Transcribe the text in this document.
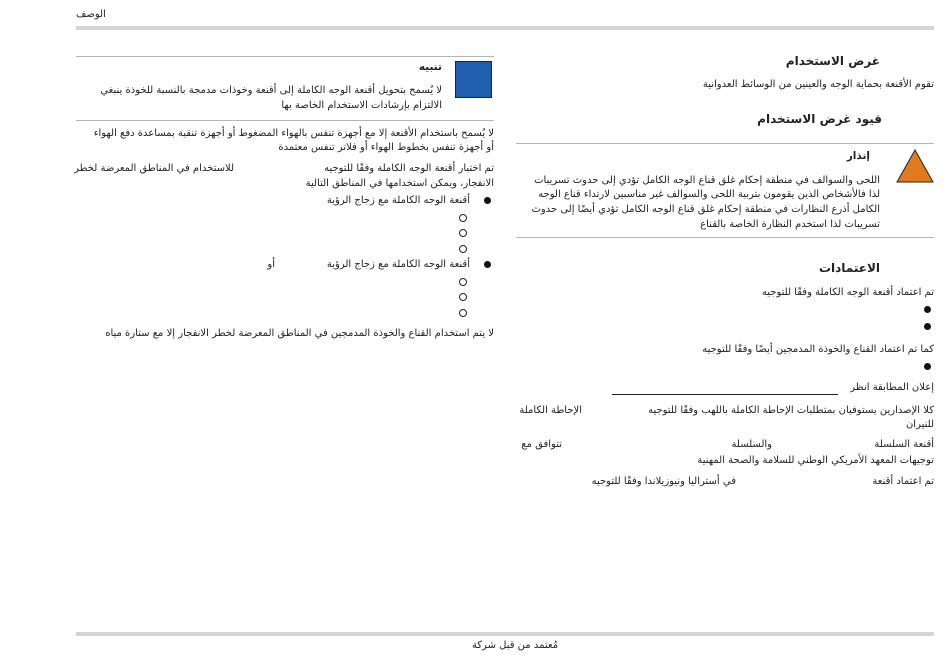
الوصف
غرض الاستخدام
تقوم الأقنعة بحماية الوجه والعينين من الوسائط العدوانية
قيود غرض الاستخدام
إنذار
اللحى والسوالف في منطقة إحكام غلق قناع الوجه الكامل تؤدي إلى حدوث تسريبات
لذا فالأشخاص الذين يقومون بتربية اللحى والسوالف غير مناسبين لارتداء قناع الوجه
الكامل أذرع النظارات في منطقة إحكام غلق قناع الوجه الكامل تؤدي أيضًا إلى حدوث
تسريبات لذا استخدم النظارة الخاصة بالقناع
الاعتمادات
تم اعتماد أقنعة الوجه الكاملة وفقًا للتوجيه
كما تم اعتماد القناع والخوذة المدمجين أيضًا وفقًا للتوجيه
إعلان المطابقة انظر
كلا الإصدارين يستوفيان بمتطلبات الإحاطة الكاملة باللهب وفقًا للتوجيه
الإحاطة الكاملة
للنيران
أقنعة السلسلة
والسلسلة
تتوافق مع
توجيهات المعهد الأمريكي الوطني للسلامة والصحة المهنية
تم اعتماد أقنعة
في أستراليا ونيوزيلاندا وفقًا للتوجيه
تنبيه
لا يُسمح بتحويل أقنعة الوجه الكاملة إلى أقنعة وخوذات مدمجة بالنسبة للخوذة ينبغي
الالتزام بإرشادات الاستخدام الخاصة بها
لا يُسمح باستخدام الأقنعة إلا مع أجهزة تنفس بالهواء المضغوط أو أجهزة تنقية بمساعدة دفع الهواء
أو أجهزة تنفس بخطوط الهواء أو فلاتر تنفس معتمدة
تم اختبار أقنعة الوجه الكاملة وفقًا للتوجيه
للاستخدام في المناطق المعرضة لخطر
الانفجار، ويمكن استخدامها في المناطق التالية
أقنعة الوجه الكاملة مع زجاج الرؤية
أقنعة الوجه الكاملة مع زجاج الرؤية
أو
لا يتم استخدام القناع والخوذة المدمجين في المناطق المعرضة لخطر الانفجار إلا مع ستارة مياه
مُعتمد من قبل شركة
